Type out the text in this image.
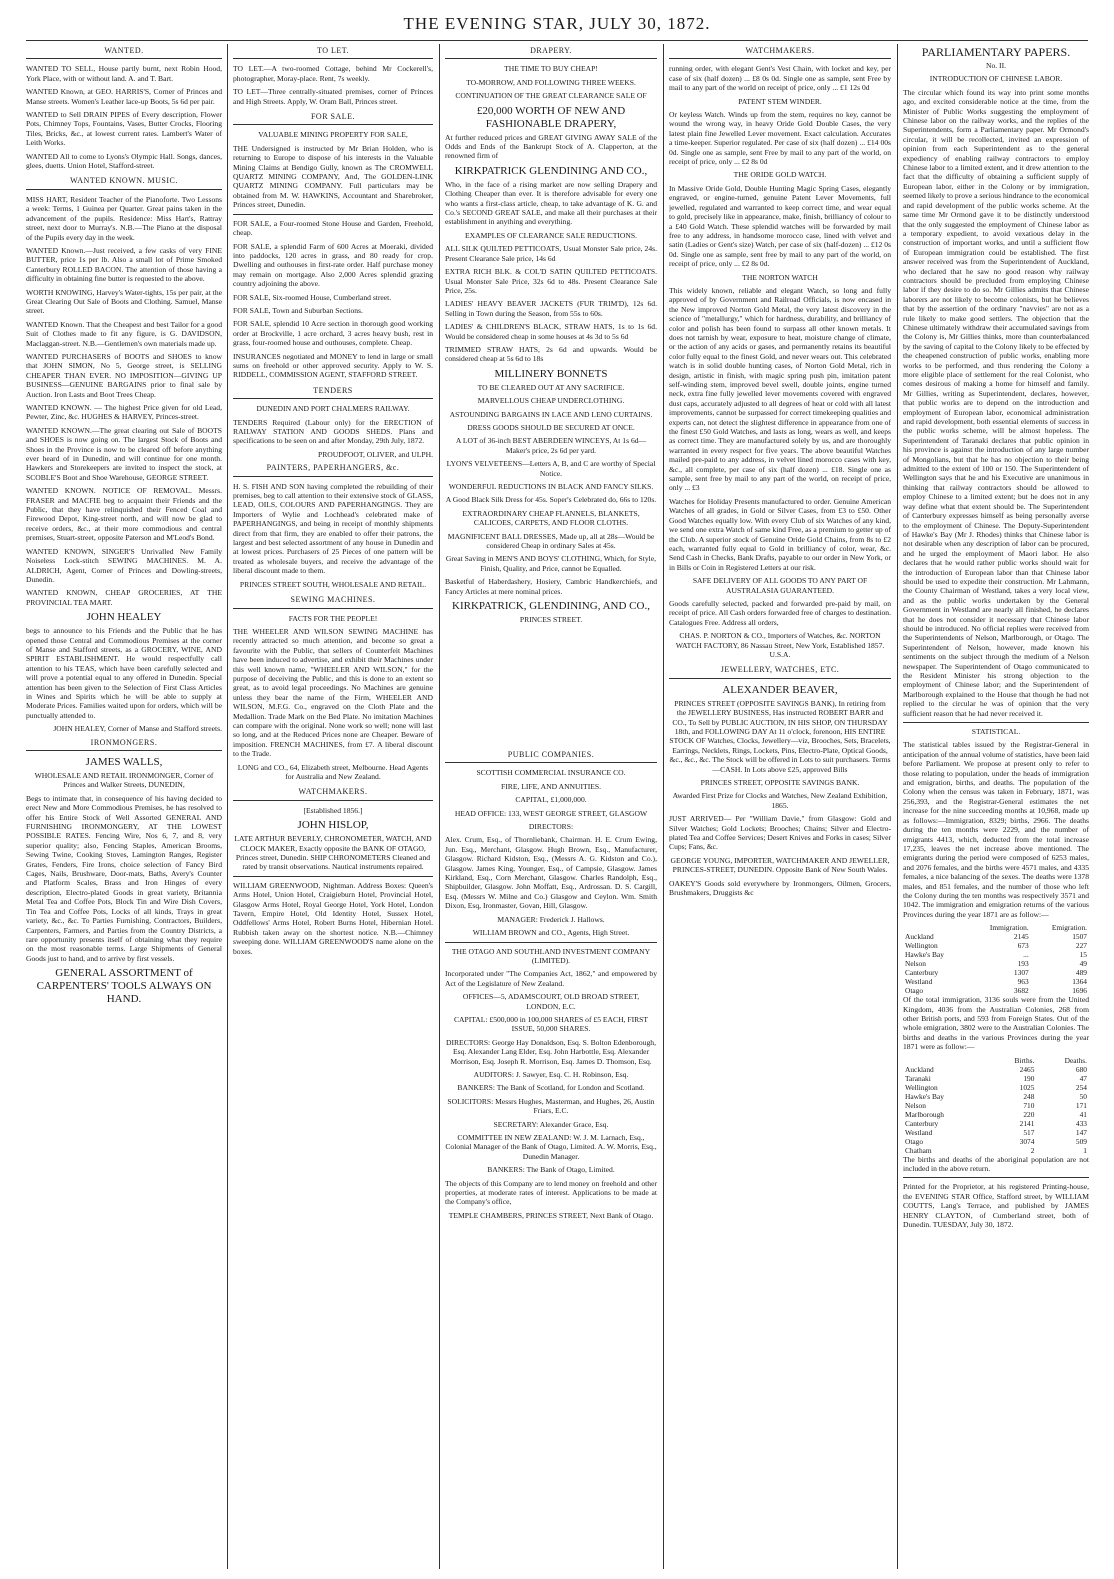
THE EVENING STAR, JULY 30, 1872.
WANTED.

WANTED TO SELL, House partly burnt, next Robin Hood, York Place, with or without land. A. and T. Bart.

WANTED Known, at GEO. HARRIS'S, Corner of Princes and Manse streets. Women's Leather lace-up Boots, 5s 6d per pair.

WANTED to Sell DRAIN PIPES of Every description, Flower Pots, Chimney Tops, Fountains, Vases, Butter Crocks, Flooring Tiles, Bricks, &c., at lowest current rates. Lambert's Water of Leith Works.

WANTED All to come to Lyons's Olympic Hall. Songs, dances, glees, duetts. Union Hotel, Stafford-street.

WANTED KNOWN. MUSIC.

MISS HART, Resident Teacher of the Pianoforte. Two Lessons a week: Terms, 1 Guinea per Quarter. Great pains taken in the advancement of the pupils. Residence: Miss Hart's, Rattray street, next door to Murray's. N.B.—The Piano at the disposal of the Pupils every day in the week.

WANTED Known.—Just received, a few casks of very FINE BUTTER, price 1s per lb. Also a small lot of Prime Smoked Canterbury ROLLED BACON. The attention of those having a difficulty in obtaining fine butter is requested to the above.

WORTH KNOWING, Harvey's Water-tights, 15s per pair, at the Great Clearing Out Sale of Boots and Clothing. Samuel, Manse street.

WANTED Known. That the Cheapest and best Tailor for a good Suit of Clothes made to fit any figure, is G. DAVIDSON, Maclaggan-street. N.B.—Gentlemen's own materials made up.

WANTED PURCHASERS of BOOTS and SHOES to know that JOHN SIMON, No 5, George street, is SELLING CHEAPER THAN EVER. NO IMPOSITION—GIVING UP BUSINESS—GENUINE BARGAINS prior to final sale by Auction. Iron Lasts and Boot Trees Cheap.

WANTED KNOWN. — The highest Price given for old Lead, Pewter, Zinc, &c. HUGHES & HARVEY, Princes-street.

WANTED KNOWN.—The great clearing out Sale of BOOTS and SHOES is now going on. The largest Stock of Boots and Shoes in the Province is now to be cleared off before anything ever heard of in Dunedin, and will continue for one month. Hawkers and Storekeepers are invited to inspect the stock, at SCOBLE'S Boot and Shoe Warehouse, GEORGE STREET.

WANTED KNOWN. NOTICE OF REMOVAL. Messrs. FRASER and MACFIE beg to acquaint their Friends and the Public, that they have relinquished their Fenced Coal and Firewood Depot, King-street north, and will now be glad to receive orders, &c., at their more commodious and central premises, Stuart-street, opposite Paterson and M'Leod's Bond.

WANTED KNOWN, SINGER'S Unrivalled New Family Noiseless Lock-stitch SEWING MACHINES. M. A. ALDRICH, Agent, Corner of Princes and Dowling-streets, Dunedin.

WANTED KNOWN, CHEAP GROCERIES, AT THE PROVINCIAL TEA MART.

JOHN HEALEY

begs to announce to his Friends and the Public that he has opened those Central and Commodious Premises at the corner of Manse and Stafford streets, as a GROCERY, WINE, AND SPIRIT ESTABLISHMENT. He would respectfully call attention to his TEAS, which have been carefully selected and will prove a potential equal to any offered in Dunedin. Special attention has been given to the Selection of First Class Articles in Wines and Spirits which he will be able to supply at Moderate Prices. Families waited upon for orders, which will be punctually attended to.

JOHN HEALEY, Corner of Manse and Stafford streets.

IRONMONGERS.
JAMES WALLS,

WHOLESALE AND RETAIL IRONMONGER, Corner of Princes and Walker Streets, DUNEDIN,

Begs to intimate that, in consequence of his having decided to erect New and More Commodious Premises, he has resolved to offer his Entire Stock of Well Assorted GENERAL AND FURNISHING IRONMONGERY, AT THE LOWEST POSSIBLE RATES. Fencing Wire, Nos 6, 7, and 8, very superior quality; also, Fencing Staples, American Brooms, Sewing Twine, Cooking Stoves, Lamington Ranges, Register Grates, Fenders, Fire Irons, choice selection of Fancy Bird Cages, Nails, Brushware, Door-mats, Baths, Avery's Counter and Platform Scales, Brass and Iron Hinges of every description, Electro-plated Goods in great variety, Britannia Metal Tea and Coffee Pots, Block Tin and Wire Dish Covers, Tin Tea and Coffee Pots, Locks of all kinds, Trays in great variety, &c., &c. To Parties Furnishing, Contractors, Builders, Carpenters, Farmers, and Parties from the Country Districts, a rare opportunity presents itself of obtaining what they require on the most reasonable terms. Large Shipments of General Goods just to hand, and to arrive by first vessels.

GENERAL ASSORTMENT of CARPENTERS' TOOLS ALWAYS ON HAND.
TO LET.

TO LET.—A two-roomed Cottage, behind Mr Cockerell's, photographer, Moray-place. Rent, 7s weekly.

TO LET—Three centrally-situated premises, corner of Princes and High Streets. Apply, W. Oram Ball, Princes street.

FOR SALE.

VALUABLE MINING PROPERTY FOR SALE,

THE Undersigned is instructed by Mr Brian Holden, who is returning to Europe to dispose of his interests in the Valuable Mining Claims at Bendigo Gully, known as The CROMWELL QUARTZ MINING COMPANY, And, The GOLDEN-LINK QUARTZ MINING COMPANY. Full particulars may be obtained from M. W. HAWKINS, Accountant and Sharebroker, Princes street, Dunedin.

FOR SALE, a Four-roomed Stone House and Garden, Freehold, cheap.

FOR SALE, a splendid Farm of 600 Acres at Moeraki, divided into paddocks, 120 acres in grass, and 80 ready for crop. Dwelling and outhouses in first-rate order. Half purchase money may remain on mortgage. Also 2,000 Acres splendid grazing country adjoining the above.

FOR SALE, Six-roomed House, Cumberland street.

FOR SALE, Town and Suburban Sections.

FOR SALE, splendid 10 Acre section in thorough good working order at Brockville, 1 acre orchard, 3 acres heavy bush, rest in grass, four-roomed house and outhouses, complete. Cheap.

INSURANCES negotiated and MONEY to lend in large or small sums on freehold or other approved security. Apply to W. S. RIDDELL, COMMISSION AGENT, STAFFORD STREET.

TENDERS

DUNEDIN AND PORT CHALMERS RAILWAY.

TENDERS Required (Labour only) for the ERECTION of RAILWAY STATION AND GOODS SHEDS. Plans and specifications to be seen on and after Monday, 29th July, 1872.

PROUDFOOT, OLIVER, and ULPH.

PAINTERS, PAPERHANGERS, &c.

H. S. FISH AND SON having completed the rebuilding of their premises, beg to call attention to their extensive stock of GLASS, LEAD, OILS, COLOURS AND PAPERHANGINGS. They are Importers of Wylie and Lochhead's celebrated make of PAPERHANGINGS, and being in receipt of monthly shipments direct from that firm, they are enabled to offer their patrons, the largest and best selected assortment of any house in Dunedin and at lowest prices. Purchasers of 25 Pieces of one pattern will be treated as wholesale buyers, and receive the advantage of the liberal discount made to them.

PRINCES STREET SOUTH, WHOLESALE AND RETAIL.

SEWING MACHINES.

FACTS FOR THE PEOPLE!

THE WHEELER AND WILSON SEWING MACHINE has recently attracted so much attention, and become so great a favourite with the Public, that sellers of Counterfeit Machines have been induced to advertise, and exhibit their Machines under this well known name, "WHEELER AND WILSON," for the purpose of deceiving the Public, and this is done to an extent so great, as to avoid legal proceedings. No Machines are genuine unless they bear the name of the Firm, WHEELER AND WILSON, M.F.G. Co., engraved on the Cloth Plate and the Medallion. Trade Mark on the Bed Plate. No imitation Machines can compare with the original. None work so well; none will last so long, and at the Reduced Prices none are Cheaper. Beware of imposition. FRENCH MACHINES, from £7. A liberal discount to the Trade.

LONG and CO., 64, Elizabeth street, Melbourne. Head Agents for Australia and New Zealand.

WATCHMAKERS.

[Established 1856.]

JOHN HISLOP,

LATE ARTHUR BEVERLY, CHRONOMETER, WATCH, AND CLOCK MAKER, Exactly opposite the BANK OF OTAGO, Princes street, Dunedin. SHIP CHRONOMETERS Cleaned and rated by transit observations. Nautical instruments repaired.

WILLIAM GREENWOOD, Nightman. Address Boxes: Queen's Arms Hotel, Union Hotel, Craigieburn Hotel, Provincial Hotel, Glasgow Arms Hotel, Royal George Hotel, York Hotel, London Tavern, Empire Hotel, Old Identity Hotel, Sussex Hotel, Oddfellows' Arms Hotel, Robert Burns Hotel, Hibernian Hotel. Rubbish taken away on the shortest notice. N.B.—Chimney sweeping done. WILLIAM GREENWOOD'S name alone on the boxes.

DRAPERY.

THE TIME TO BUY CHEAP!

TO-MORROW, AND FOLLOWING THREE WEEKS.

CONTINUATION OF THE GREAT CLEARANCE SALE OF

£20,000 WORTH OF NEW AND FASHIONABLE DRAPERY,

At further reduced prices and GREAT GIVING AWAY SALE of the Odds and Ends of the Bankrupt Stock of A. Clapperton, at the renowned firm of

KIRKPATRICK GLENDINING AND CO.,

Who, in the face of a rising market are now selling Drapery and Clothing Cheaper than ever. It is therefore advisable for every one who wants a first-class article, cheap, to take advantage of K. G. and Co.'s SECOND GREAT SALE, and make all their purchases at their establishment in anything and everything.

EXAMPLES OF CLEARANCE SALE REDUCTIONS.

ALL SILK QUILTED PETTICOATS, Usual Monster Sale price, 24s. Present Clearance Sale price, 14s 6d

EXTRA RICH BLK. & COL'D SATIN QUILTED PETTICOATS. Usual Monster Sale Price, 32s 6d to 48s. Present Clearance Sale Price, 25s.

LADIES' HEAVY BEAVER JACKETS (FUR TRIM'D), 12s 6d. Selling in Town during the Season, from 55s to 60s.

LADIES' & CHILDREN'S BLACK, STRAW HATS, 1s to 1s 6d. Would be considered cheap in some houses at 4s 3d to 5s 6d

TRIMMED STRAW HATS, 2s 6d and upwards. Would be considered cheap at 5s 6d to 18s

MILLINERY BONNETS

TO BE CLEARED OUT AT ANY SACRIFICE.

MARVELLOUS CHEAP UNDERCLOTHING.

ASTOUNDING BARGAINS IN LACE AND LENO CURTAINS.

DRESS GOODS SHOULD BE SECURED AT ONCE.

A LOT of 36-inch BEST ABERDEEN WINCEYS, At 1s 6d—Maker's price, 2s 6d per yard.

LYON'S VELVETEENS—Letters A, B, and C are worthy of Special Notice.

WONDERFUL REDUCTIONS IN BLACK AND FANCY SILKS.

A Good Black Silk Dress for 45s. Soper's Celebrated do, 66s to 120s.

EXTRAORDINARY CHEAP FLANNELS, BLANKETS, CALICOES, CARPETS, AND FLOOR CLOTHS.

MAGNIFICENT BALL DRESSES, Made up, all at 28s—Would be considered Cheap in ordinary Sales at 45s.

Great Saving in MEN'S AND BOYS' CLOTHING, Which, for Style, Finish, Quality, and Price, cannot be Equalled.

Basketful of Haberdashery, Hosiery, Cambric Handkerchiefs, and Fancy Articles at mere nominal prices.

KIRKPATRICK, GLENDINING, AND CO.,

PRINCES STREET.

PUBLIC COMPANIES.

SCOTTISH COMMERCIAL INSURANCE CO.

FIRE, LIFE, AND ANNUITIES.

CAPITAL, £1,000,000.

HEAD OFFICE: 133, WEST GEORGE STREET, GLASGOW

DIRECTORS:

Alex. Crum, Esq., of Thornliebank, Chairman. H. E. Crum Ewing, Jun. Esq., Merchant, Glasgow. Hugh Brown, Esq., Manufacturer, Glasgow. Richard Kidston, Esq., (Messrs A. G. Kidston and Co.), Glasgow. James King, Younger, Esq., of Campsie, Glasgow. James Kirkland, Esq., Corn Merchant, Glasgow. Charles Randolph, Esq., Shipbuilder, Glasgow. John Moffatt, Esq., Ardrossan. D. S. Cargill, Esq. (Messrs W. Milne and Co.) Glasgow and Ceylon. Wm. Smith Dixon, Esq, Ironmaster, Govan, Hill, Glasgow.

MANAGER: Frederick J. Hallows.

WILLIAM BROWN and CO., Agents, High Street.

THE OTAGO AND SOUTHLAND INVESTMENT COMPANY (LIMITED).

Incorporated under "The Companies Act, 1862," and empowered by Act of the Legislature of New Zealand.

OFFICES—5, ADAMSCOURT, OLD BROAD STREET, LONDON, E.C.

CAPITAL: £500,000 in 100,000 SHARES of £5 EACH, FIRST ISSUE, 50,000 SHARES.

DIRECTORS: George Hay Donaldson, Esq. S. Bolton Edenborough, Esq. Alexander Lang Elder, Esq. John Harbottle, Esq. Alexander Morrison, Esq. Joseph R. Morrison, Esq. James D. Thomson, Esq.

AUDITORS: J. Sawyer, Esq. C. H. Robinson, Esq.

BANKERS: The Bank of Scotland, for London and Scotland.

SOLICITORS: Messrs Hughes, Masterman, and Hughes, 26, Austin Friars, E.C.

SECRETARY: Alexander Grace, Esq.

COMMITTEE IN NEW ZEALAND: W. J. M. Larnach, Esq., Colonial Manager of the Bank of Otago, Limited. A. W. Morris, Esq., Dunedin Manager.

BANKERS: The Bank of Otago, Limited.

The objects of this Company are to lend money on freehold and other properties, at moderate rates of interest. Applications to be made at the Company's office,

TEMPLE CHAMBERS, PRINCES STREET, Next Bank of Otago.

WATCHMAKERS.

running order, with elegant Gent's Vest Chain, with locket and key, per case of six (half dozen) ... £8 0s 0d. Single one as sample, sent Free by mail to any part of the world on receipt of price, only ... £1 12s 0d

PATENT STEM WINDER.

Or keyless Watch. Winds up from the stem, requires no key, cannot be wound the wrong way, in heavy Oride Gold Double Cases, the very latest plain fine Jewelled Lever movement. Exact calculation. Accurates a time-keeper. Superior regulated. Per case of six (half dozen) ... £14 00s 0d. Single one as sample, sent Free by mail to any part of the world, on receipt of price, only ... £2 8s 0d

THE ORIDE GOLD WATCH.

In Massive Oride Gold, Double Hunting Magic Spring Cases, elegantly engraved, or engine-turned, genuine Patent Lever Movements, full jewelled, regulated and warranted to keep correct time, and wear equal to gold, precisely like in appearance, make, finish, brilliancy of colour to a £40 Gold Watch. These splendid watches will be forwarded by mail free to any address, in handsome morocco case, lined with velvet and satin (Ladies or Gent's size) Watch, per case of six (half-dozen) ... £12 0s 0d. Single one as sample, sent free by mail to any part of the world, on receipt of price, only ... £2 8s 0d.

THE NORTON WATCH

This widely known, reliable and elegant Watch, so long and fully approved of by Government and Railroad Officials, is now encased in the New improved Norton Gold Metal, the very latest discovery in the science of "metallurgy," which for hardness, durability, and brilliancy of color and polish has been found to surpass all other known metals. It does not tarnish by wear, exposure to heat, moisture change of climate, or the action of any acids or gases, and permanently retains its beautiful color fully equal to the finest Gold, and never wears out. This celebrated watch is in solid double hunting cases, of Norton Gold Metal, rich in design, artistic in finish, with magic spring push pin, imitation patent self-winding stem, improved bevel swell, double joints, engine turned neck, extra fine fully jewelled lever movements covered with engraved dust caps, accurately adjusted to all degrees of heat or cold with all latest improvements, cannot be surpassed for correct timekeeping qualities and experts can, not detect the slightest difference in appearance from one of the finest £50 Gold Watches, and lasts as long, wears as well, and keeps as correct time. They are manufactured solely by us, and are thoroughly warranted in every respect for five years. The above beautiful Watches mailed pre-paid to any address, in velvet lined morocco cases with key, &c., all complete, per case of six (half dozen) ... £18. Single one as sample, sent free by mail to any part of the world, on receipt of price, only ... £3

Watches for Holiday Presents manufactured to order. Genuine American Watches of all grades, in Gold or Silver Cases, from £3 to £50. Other Good Watches equally low. With every Club of six Watches of any kind, we send one extra Watch of same kind Free, as a premium to getter up of the Club. A superior stock of Genuine Oride Gold Chains, from 8s to £2 each, warranted fully equal to Gold in brilliancy of color, wear, &c. Send Cash in Checks, Bank Drafts, payable to our order in New York, or in Bills or Coin in Registered Letters at our risk.

SAFE DELIVERY OF ALL GOODS TO ANY PART OF AUSTRALASIA GUARANTEED.

Goods carefully selected, packed and forwarded pre-paid by mail, on receipt of price. All Cash orders forwarded free of charges to destination. Catalogues Free. Address all orders,

CHAS. P. NORTON & CO., Importers of Watches, &c. NORTON WATCH FACTORY, 86 Nassau Street, New York, Established 1857. U.S.A.

JEWELLERY, WATCHES, ETC.
ALEXANDER BEAVER,

PRINCES STREET (OPPOSITE SAVINGS BANK), In retiring from the JEWELLERY BUSINESS, Has instructed ROBERT BARR and CO., To Sell by PUBLIC AUCTION, IN HIS SHOP, ON THURSDAY 18th, and FOLLOWING DAY At 11 o'clock, forenoon, HIS ENTIRE STOCK OF Watches, Clocks, Jewellery—viz, Brooches, Sets, Bracelets, Earrings, Necklets, Rings, Lockets, Pins, Electro-Plate, Optical Goods, &c., &c., &c. The Stock will be offered in Lots to suit purchasers. Terms—CASH. In Lots above £25, approved Bills

PRINCES STREET, OPPOSITE SAVINGS BANK.

Awarded First Prize for Clocks and Watches, New Zealand Exhibition, 1865.

JUST ARRIVED— Per "William Davie," from Glasgow: Gold and Silver Watches; Gold Lockets; Brooches; Chains; Silver and Electro-plated Tea and Coffee Services; Desert Knives and Forks in cases; Silver Cups; Fans, &c.

GEORGE YOUNG, IMPORTER, WATCHMAKER AND JEWELLER, PRINCES-STREET, DUNEDIN. Opposite Bank of New South Wales.

OAKEY'S Goods sold everywhere by Ironmongers, Oilmen, Grocers, Brushmakers, Druggists &c

PARLIAMENTARY PAPERS.

No. II.

INTRODUCTION OF CHINESE LABOR.

The circular which found its way into print some months ago, and excited considerable notice at the time, from the Minister of Public Works suggesting the employment of Chinese labor on the railway works, and the replies of the Superintendents, form a Parliamentary paper. Mr Ormond's circular, it will be recollected, invited an expression of opinion from each Superintendent as to the general expediency of enabling railway contractors to employ Chinese labor to a limited extent, and it drew attention to the fact that the difficulty of obtaining a sufficient supply of European labor, either in the Colony or by immigration, seemed likely to prove a serious hindrance to the economical and rapid development of the public works scheme. At the same time Mr Ormond gave it to be distinctly understood that the only suggested the employment of Chinese labor as a temporary expedient, to avoid vexatious delay in the construction of important works, and until a sufficient flow of European immigration could be established. The first answer received was from the Superintendent of Auckland, who declared that he saw no good reason why railway contractors should be precluded from employing Chinese labor if they desire to do so. Mr Gillies admits that Chinese laborers are not likely to become colonists, but he believes that by the assertion of the ordinary "navvies" are not as a rule likely to make good settlers. The objection that the Chinese ultimately withdraw their accumulated savings from the Colony is, Mr Gillies thinks, more than counterbalanced by the saving of capital to the Colony likely to be effected by the cheapened construction of public works, enabling more works to be performed, and thus rendering the Colony a more eligible place of settlement for the real Colonist, who comes desirous of making a home for himself and family. Mr Gillies, writing as Superintendent, declares, however, that public works are to depend on the introduction and employment of European labor, economical administration and rapid development, both essential elements of success in the public works scheme, will be almost hopeless. The Superintendent of Taranaki declares that public opinion in his province is against the introduction of any large number of Mongolians, but that he has no objection to their being admitted to the extent of 100 or 150. The Superintendent of Wellington says that he and his Executive are unanimous in thinking that railway contractors should be allowed to employ Chinese to a limited extent; but he does not in any way define what that extent should be. The Superintendent of Canterbury expresses himself as being personally averse to the employment of Chinese. The Deputy-Superintendent of Hawke's Bay (Mr J. Rhodes) thinks that Chinese labor is not desirable when any description of labor can be procured, and he urged the employment of Maori labor. He also declares that he would rather public works should wait for the introduction of European labor than that Chinese labor should be used to expedite their construction. Mr Lahmann, the County Chairman of Westland, takes a very local view, and as the public works undertaken by the General Government in Westland are nearly all finished, he declares that he does not consider it necessary that Chinese labor should be introduced. No official replies were received from the Superintendents of Nelson, Marlborough, or Otago. The Superintendent of Nelson, however, made known his sentiments on the subject through the medium of a Nelson newspaper. The Superintendent of Otago communicated to the Resident Minister his strong objection to the employment of Chinese labor; and the Superintendent of Marlborough explained to the House that though he had not replied to the circular he was of opinion that the very sufficient reason that he had never received it.

STATISTICAL.

The statistical tables issued by the Registrar-General in anticipation of the annual volume of statistics, have been laid before Parliament. We propose at present only to refer to those relating to population, under the heads of immigration and emigration, births, and deaths. The population of the Colony when the census was taken in February, 1871, was 256,393, and the Registrar-General estimates the net increase for the nine succeeding months at 10,968, made up as follows:—Immigration, 8329; births, 2966. The deaths during the ten months were 2229, and the number of emigrants 4413, which, deducted from the total increase 17,235, leaves the net increase above mentioned. The emigrants during the period were composed of 6253 males, and 2076 females, and the births were 4571 males, and 4335 females, a nice balancing of the sexes. The deaths were 1378 males, and 851 females, and the number of those who left the Colony during the ten months was respectively 3571 and 1042. The immigration and emigration returns of the various Provinces during the year 1871 are as follow:—

	Immigration.	Emigration.
Auckland	2145	1507
Wellington	673	227
Hawke's Bay	...	15
Nelson	193	49
Canterbury	1307	489
Westland	963	1364
Otago	3682	1696

Of the total immigration, 3136 souls were from the United Kingdom, 4036 from the Australian Colonies, 268 from other British ports, and 593 from Foreign States. Out of the whole emigration, 3802 were to the Australian Colonies. The births and deaths in the various Provinces during the year 1871 were as follow:—

	Births.	Deaths.
Auckland	2465	680
Taranaki	190	47
Wellington	1025	254
Hawke's Bay	248	50
Nelson	710	171
Marlborough	220	41
Canterbury	2141	433
Westland	517	147
Otago	3074	509
Chatham	2	1

The births and deaths of the aboriginal population are not included in the above return.

Printed for the Proprietor, at his registered Printing-house, the EVENING STAR Office, Stafford street, by WILLIAM COUTTS, Lang's Terrace, and published by JAMES HENRY CLAYTON, of Cumberland street, both of Dunedin. TUESDAY, July 30, 1872.
